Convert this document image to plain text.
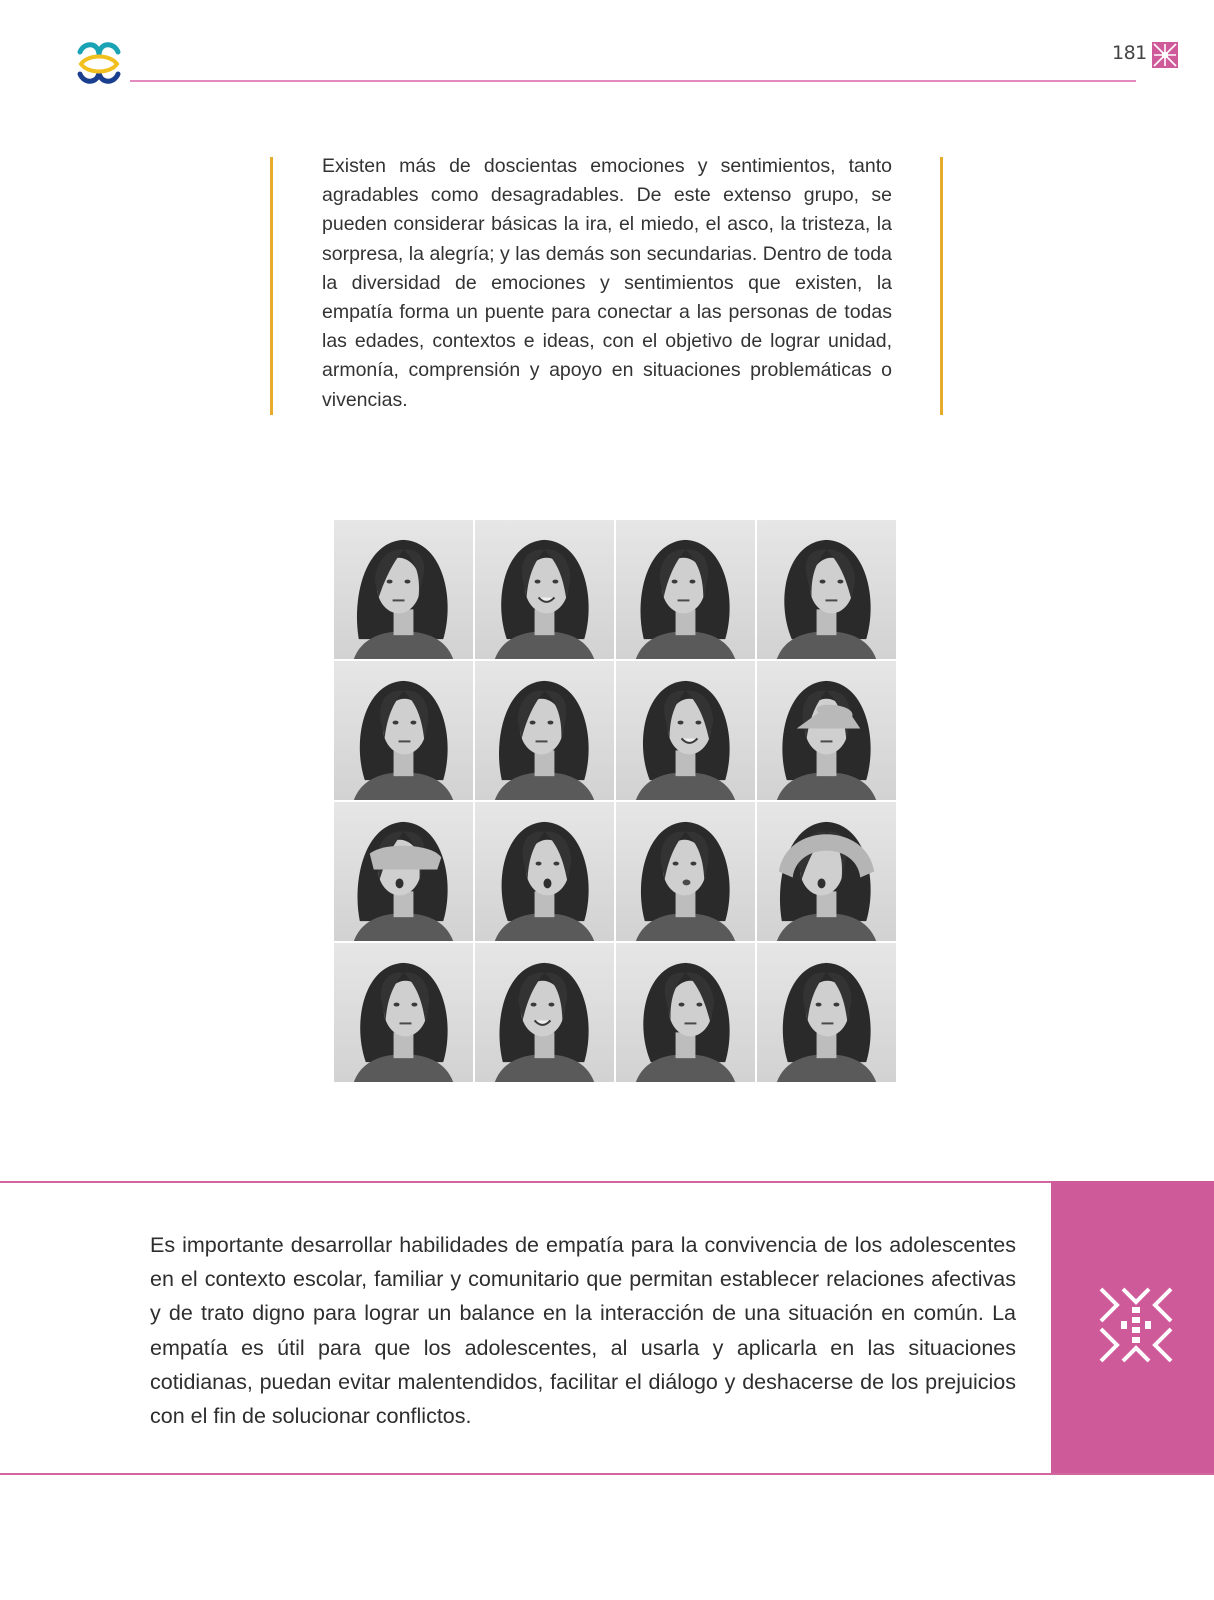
181
Existen más de doscientas emociones y sentimientos, tanto agradables como desagradables. De este extenso grupo, se pueden considerar básicas la ira, el miedo, el asco, la tristeza, la sorpresa, la alegría; y las demás son secundarias. Dentro de toda la diversidad de emociones y sentimientos que existen, la empatía forma un puente para conectar a las personas de todas las edades, contextos e ideas, con el objetivo de lograr unidad, armonía, comprensión y apoyo en situaciones problemáticas o vivencias.
Es importante desarrollar habilidades de empatía para la convivencia de los adolescentes en el contexto escolar, familiar y comunitario que permitan establecer relaciones afectivas y de trato digno para lograr un balance en la interacción de una situación en común. La empatía es útil para que los adolescentes, al usarla y aplicarla en las situaciones cotidianas, puedan evitar malentendidos, facilitar el diálogo y deshacerse de los prejuicios con el fin de solucionar conflictos.
